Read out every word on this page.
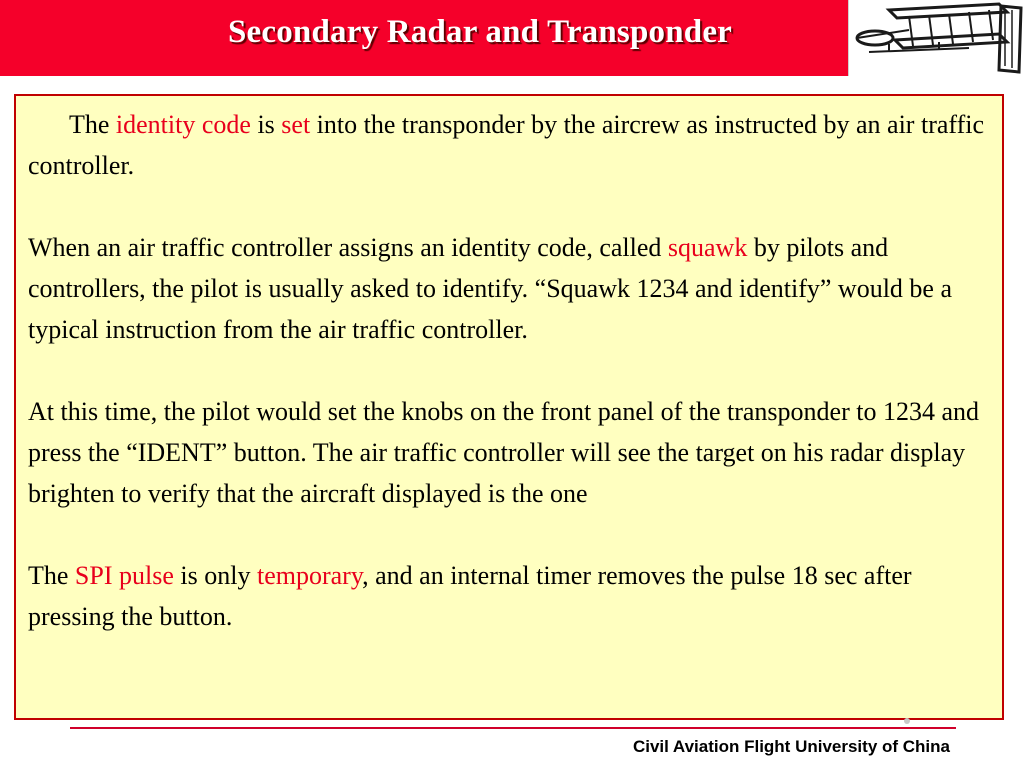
Secondary Radar and Transponder

The identity code is set into the transponder by the aircrew as instructed by an air traffic controller.

When an air traffic controller assigns an identity code, called squawk by pilots and controllers, the pilot is usually asked to identify. “Squawk 1234 and identify” would be a typical instruction from the air traffic controller.

At this time, the pilot would set the knobs on the front panel of the transponder to 1234 and press the “IDENT” button. The air traffic controller will see the target on his radar display brighten to verify that the aircraft displayed is the one

The SPI pulse is only temporary, and an internal timer removes the pulse 18 sec after pressing the button.

Civil Aviation Flight University of China
